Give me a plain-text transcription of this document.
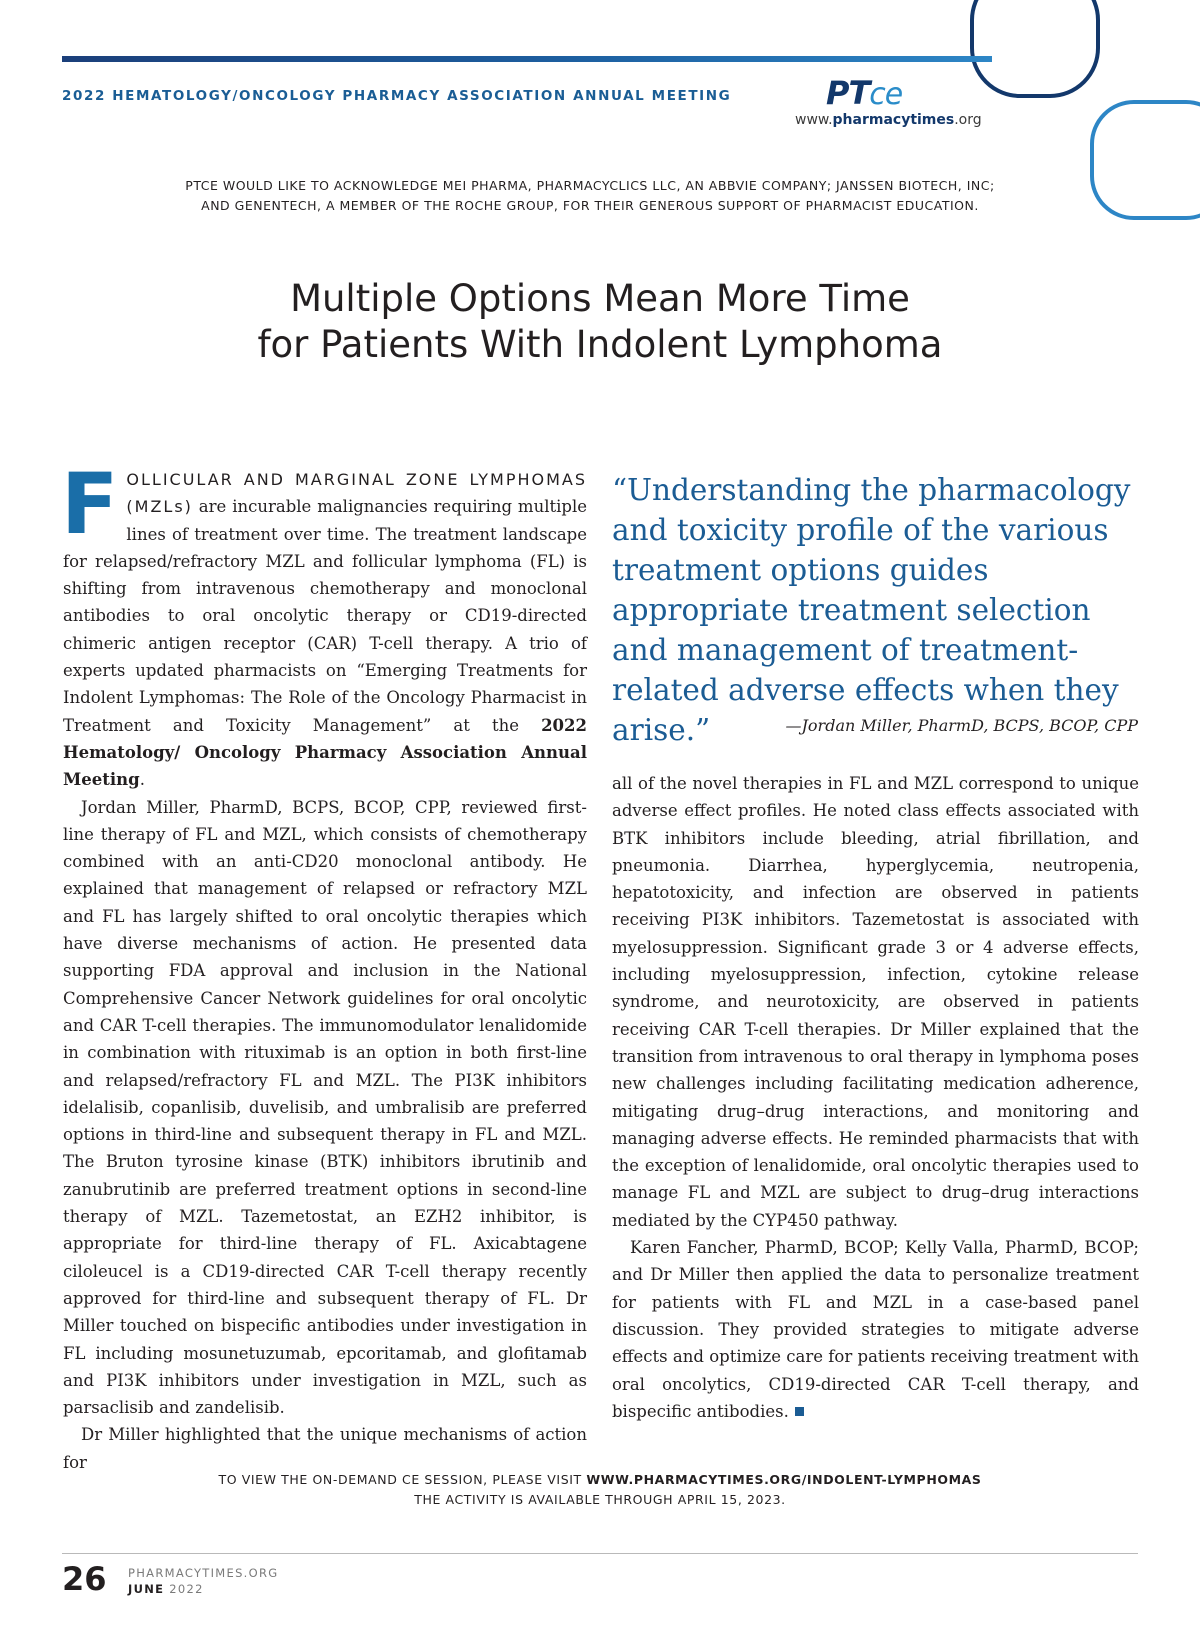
2022 HEMATOLOGY/ONCOLOGY PHARMACY ASSOCIATION ANNUAL MEETING	PTce
www.pharmacytimes.org
PTCE WOULD LIKE TO ACKNOWLEDGE MEI PHARMA, PHARMACYCLICS LLC, AN ABBVIE COMPANY; JANSSEN BIOTECH, INC;
AND GENENTECH, A MEMBER OF THE ROCHE GROUP, FOR THEIR GENEROUS SUPPORT OF PHARMACIST EDUCATION.
Multiple Options Mean More Time
for Patients With Indolent Lymphoma

FOLLICULAR AND MARGINAL ZONE LYMPHOMAS (MZLs) are incurable malignancies requiring multiple lines of treatment over time. The treatment landscape for relapsed/refractory MZL and follicular lymphoma (FL) is shifting from intravenous chemotherapy and monoclonal antibodies to oral oncolytic therapy or CD19-directed chimeric antigen receptor (CAR) T-cell therapy. A trio of experts updated pharmacists on “Emerging Treatments for Indolent Lymphomas: The Role of the Oncology Pharmacist in Treatment and Toxicity Management” at the 2022 Hematology/ Oncology Pharmacy Association Annual Meeting.

Jordan Miller, PharmD, BCPS, BCOP, CPP, reviewed first-line therapy of FL and MZL, which consists of chemotherapy combined with an anti-CD20 monoclonal antibody. He explained that management of relapsed or refractory MZL and FL has largely shifted to oral oncolytic therapies which have diverse mechanisms of action. He presented data supporting FDA approval and inclusion in the National Comprehensive Cancer Network guidelines for oral oncolytic and CAR T-cell therapies. The immunomodulator lenalidomide in combination with rituximab is an option in both first-line and relapsed/refractory FL and MZL. The PI3K inhibitors idelalisib, copanlisib, duvelisib, and umbralisib are preferred options in third-line and subsequent therapy in FL and MZL. The Bruton tyrosine kinase (BTK) inhibitors ibrutinib and zanubrutinib are preferred treatment options in second-line therapy of MZL. Tazemetostat, an EZH2 inhibitor, is appropriate for third-line therapy of FL. Axicabtagene ciloleucel is a CD19-directed CAR T-cell therapy recently approved for third-line and subsequent therapy of FL. Dr Miller touched on bispecific antibodies under investigation in FL including mosunetuzumab, epcoritamab, and glofitamab and PI3K inhibitors under investigation in MZL, such as parsaclisib and zandelisib.

Dr Miller highlighted that the unique mechanisms of action for

“Understanding the pharmacology and toxicity profile of the various treatment options guides appropriate treatment selection and management of treatment-related adverse effects when they arise.”	—Jordan Miller, PharmD, BCPS, BCOP, CPP

all of the novel therapies in FL and MZL correspond to unique adverse effect profiles. He noted class effects associated with BTK inhibitors include bleeding, atrial fibrillation, and pneumonia. Diarrhea, hyperglycemia, neutropenia, hepatotoxicity, and infection are observed in patients receiving PI3K inhibitors. Tazemetostat is associated with myelosuppression. Significant grade 3 or 4 adverse effects, including myelosuppression, infection, cytokine release syndrome, and neurotoxicity, are observed in patients receiving CAR T-cell therapies. Dr Miller explained that the transition from intravenous to oral therapy in lymphoma poses new challenges including facilitating medication adherence, mitigating drug–drug interactions, and monitoring and managing adverse effects. He reminded pharmacists that with the exception of lenalidomide, oral oncolytic therapies used to manage FL and MZL are subject to drug–drug interactions mediated by the CYP450 pathway.

Karen Fancher, PharmD, BCOP; Kelly Valla, PharmD, BCOP; and Dr Miller then applied the data to personalize treatment for patients with FL and MZL in a case-based panel discussion. They provided strategies to mitigate adverse effects and optimize care for patients receiving treatment with oral oncolytics, CD19-directed CAR T-cell therapy, and bispecific antibodies.

TO VIEW THE ON-DEMAND CE SESSION, PLEASE VISIT WWW.PHARMACYTIMES.ORG/INDOLENT-LYMPHOMAS
THE ACTIVITY IS AVAILABLE THROUGH APRIL 15, 2023.
26 PHARMACYTIMES.ORG
JUNE 2022
